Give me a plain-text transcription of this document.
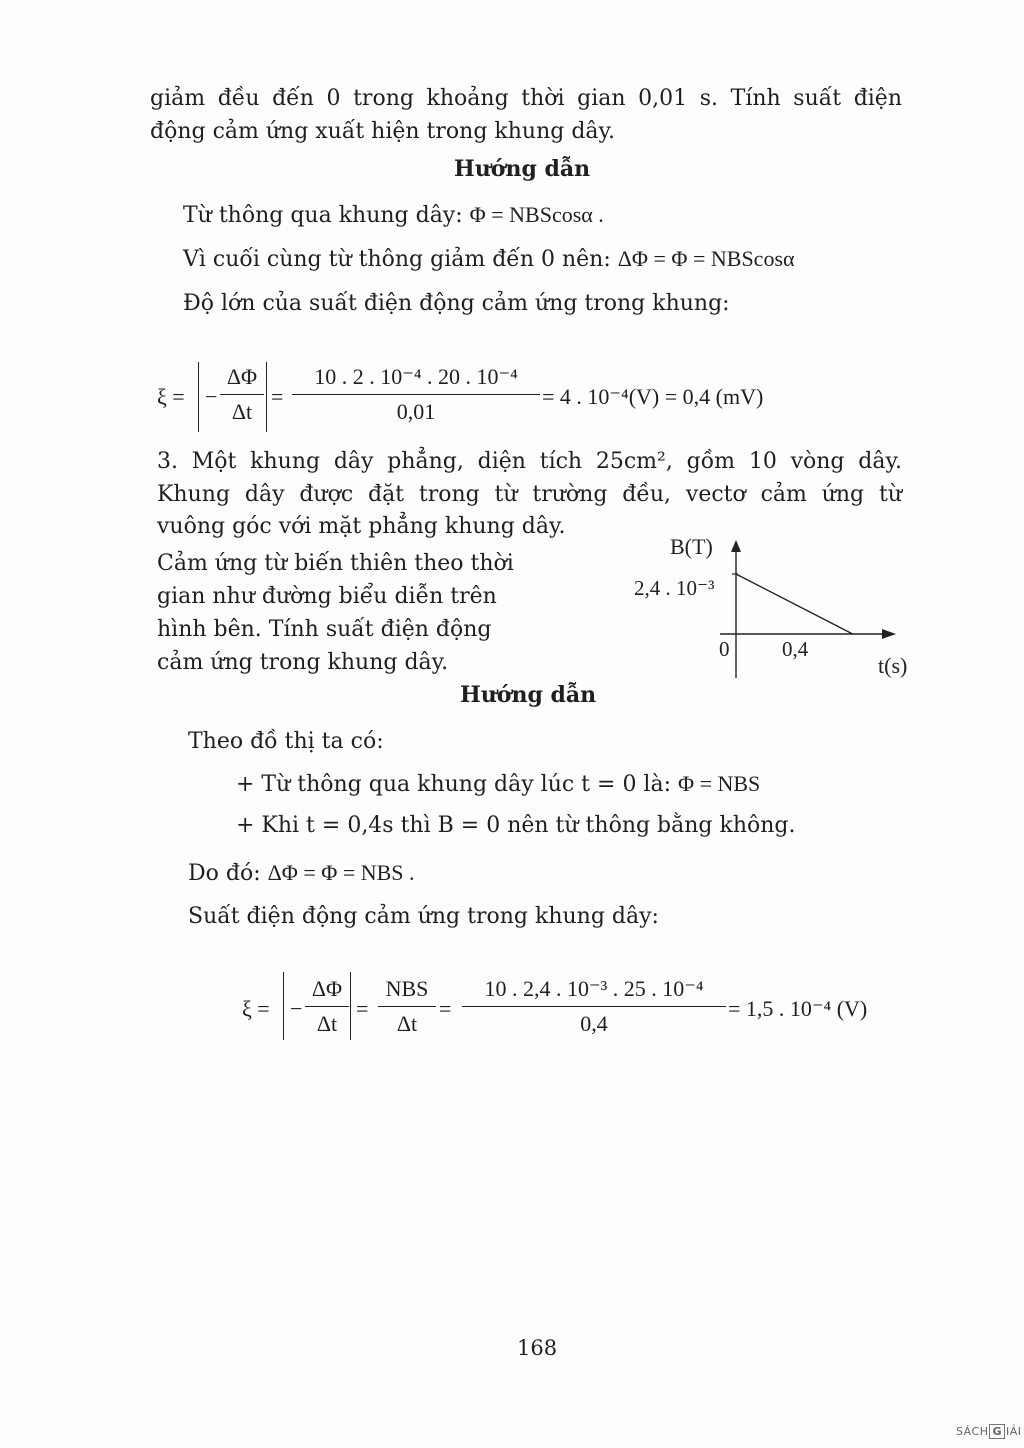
giảm đều đến 0 trong khoảng thời gian 0,01 s. Tính suất điện
động cảm ứng xuất hiện trong khung dây.
Hướng dẫn
Từ thông qua khung dây: Φ = NBScosα .
Vì cuối cùng từ thông giảm đến 0 nên: ΔΦ = Φ = NBScosα
Độ lớn của suất điện động cảm ứng trong khung:
ξ = −
ΔΦ
Δt
=
10 . 2 . 10⁻⁴ . 20 . 10⁻⁴
0,01
= 4 . 10⁻⁴(V) = 0,4 (mV)
3. Một khung dây phẳng, diện tích 25cm², gồm 10 vòng dây.
Khung dây được đặt trong từ trường đều, vectơ cảm ứng từ
vuông góc với mặt phẳng khung dây.
Cảm ứng từ biến thiên theo thời
gian như đường biểu diễn trên
hình bên. Tính suất điện động
cảm ứng trong khung dây.
B(T)
2,4 . 10⁻³
0	0,4
t(s)
Hướng dẫn
Theo đồ thị ta có:
+ Từ thông qua khung dây lúc t = 0 là: Φ = NBS
+ Khi t = 0,4s thì B = 0 nên từ thông bằng không.
Do đó: ΔΦ = Φ = NBS .
Suất điện động cảm ứng trong khung dây:
ξ = −
ΔΦ
Δt
=
NBS
Δt
=
10 . 2,4 . 10⁻³ . 25 . 10⁻⁴
0,4
= 1,5 . 10⁻⁴ (V)
168
SÁCH G IẢI
